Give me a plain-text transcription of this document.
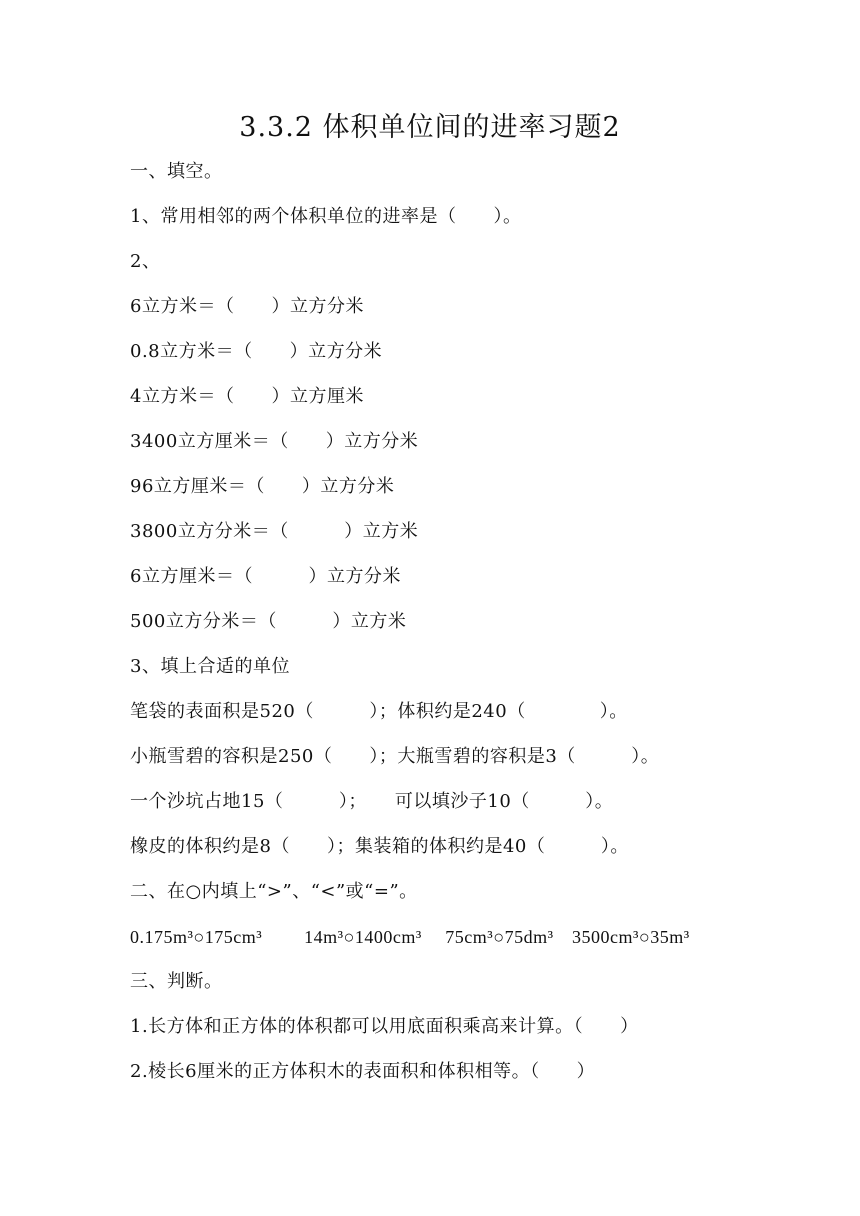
3.3.2 体积单位间的进率习题2
一、填空。
1、常用相邻的两个体积单位的进率是（　　）。
2、
6立方米＝（　　）立方分米
0.8立方米＝（　　）立方分米
4立方米＝（　　）立方厘米
3400立方厘米＝（　　）立方分米
96立方厘米＝（　　）立方分米
3800立方分米＝（　　　）立方米
6立方厘米＝（　　　）立方分米
500立方分米＝（　　　）立方米
3、填上合适的单位
笔袋的表面积是520（　　　）；体积约是240（　　　　）。
小瓶雪碧的容积是250（　　）；大瓶雪碧的容积是3（　　　）。
一个沙坑占地15（　　　）；　　可以填沙子10（　　　）。
橡皮的体积约是8（　　）；集装箱的体积约是40（　　　）。
二、在○内填上“>”、“<”或“=”。
0.175m³○175cm³　　 14m³○1400cm³　 75cm³○75dm³　3500cm³○35m³
三、判断。
1.长方体和正方体的体积都可以用底面积乘高来计算。（　　）
2.棱长6厘米的正方体积木的表面积和体积相等。（　　）
